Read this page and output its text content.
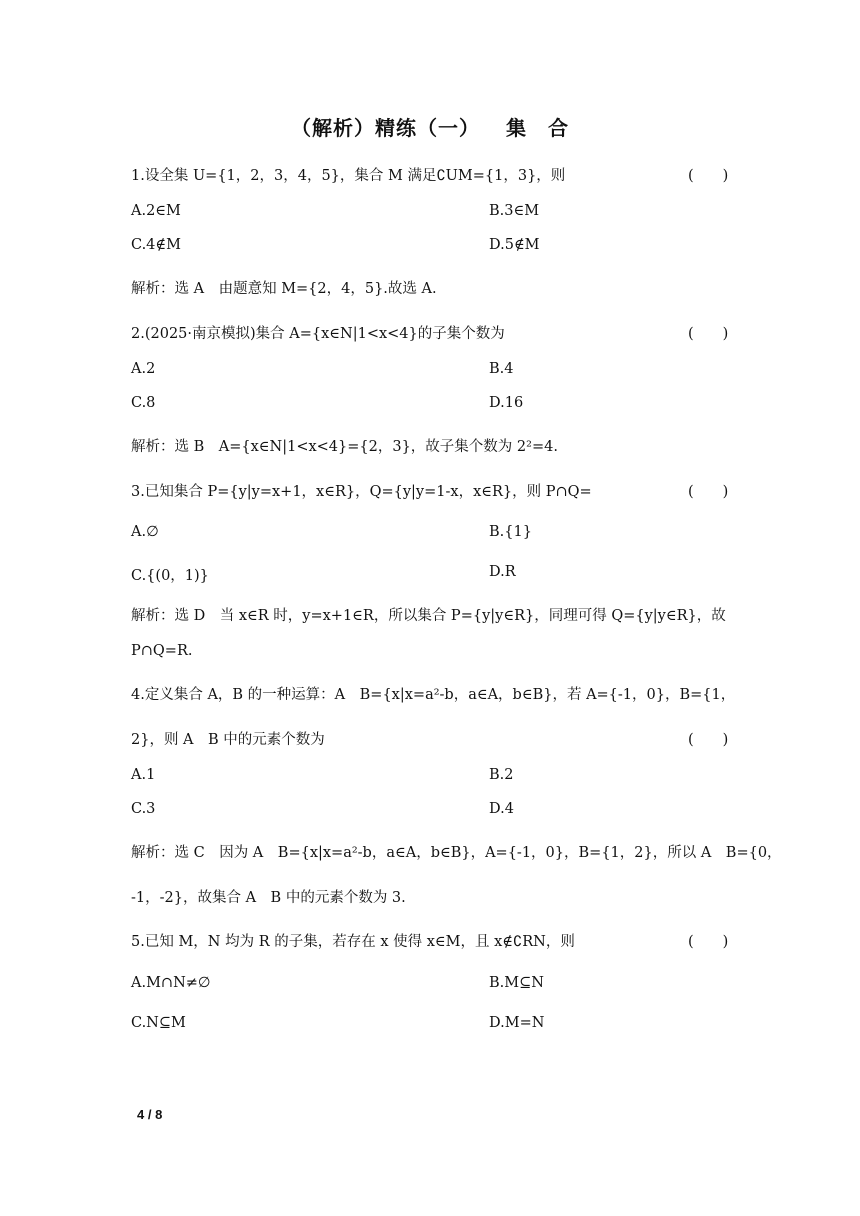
（解析）精练（一） 集　合
1.设全集 U={1，2，3，4，5}，集合 M 满足∁UM={1，3}，则	(　　)
A.2∈M	B.3∈M
C.4∉M	D.5∉M
解析：选 A　由题意知 M={2，4，5}.故选 A.
2.(2025·南京模拟)集合 A={x∈N|1<x<4}的子集个数为	(　　)
A.2	B.4
C.8	D.16
解析：选 B　A={x∈N|1<x<4}={2，3}，故子集个数为 2²=4.
3.已知集合 P={y|y=x+1，x∈R}，Q={y|y=1-x，x∈R}，则 P∩Q=	(　　)
A.∅	B.{1}
C.{(0，1)}	D.R
解析：选 D　当 x∈R 时，y=x+1∈R，所以集合 P={y|y∈R}，同理可得 Q={y|y∈R}，故
P∩Q=R.
4.定义集合 A，B 的一种运算：A　B={x|x=a²-b，a∈A，b∈B}，若 A={-1，0}，B={1，
2}，则 A　B 中的元素个数为	(　　)
A.1	B.2
C.3	D.4
解析：选 C　因为 A　B={x|x=a²-b，a∈A，b∈B}，A={-1，0}，B={1，2}，所以 A　B={0，
-1，-2}，故集合 A　B 中的元素个数为 3.
5.已知 M，N 均为 R 的子集，若存在 x 使得 x∈M，且 x∉∁RN，则	(　　)
A.M∩N≠∅	B.M⊆N
C.N⊆M	D.M=N
4 / 8
